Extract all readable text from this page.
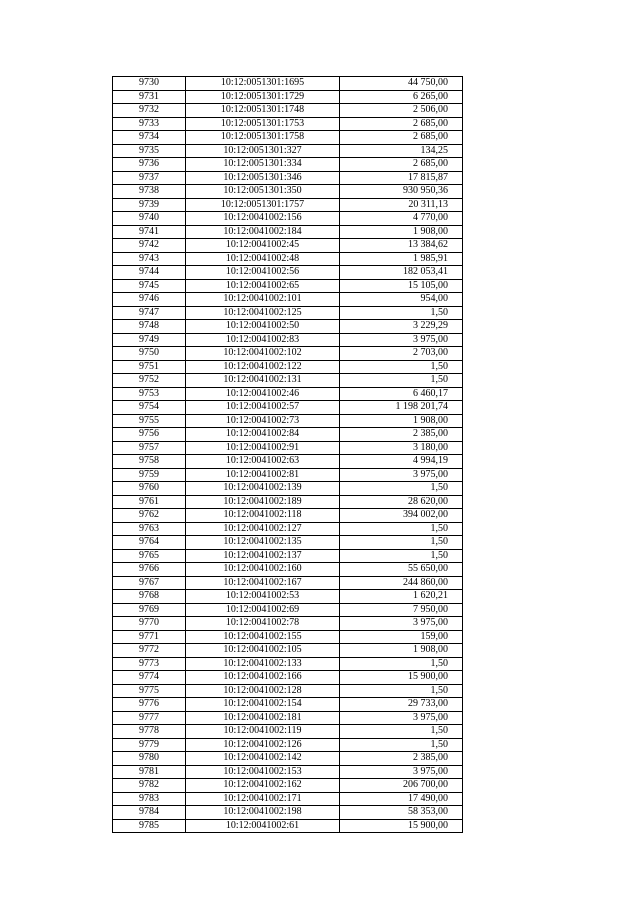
9730	10:12:0051301:1695	44 750,00
9731	10:12:0051301:1729	6 265,00
9732	10:12:0051301:1748	2 506,00
9733	10:12:0051301:1753	2 685,00
9734	10:12:0051301:1758	2 685,00
9735	10:12:0051301:327	134,25
9736	10:12:0051301:334	2 685,00
9737	10:12:0051301:346	17 815,87
9738	10:12:0051301:350	930 950,36
9739	10:12:0051301:1757	20 311,13
9740	10:12:0041002:156	4 770,00
9741	10:12:0041002:184	1 908,00
9742	10:12:0041002:45	13 384,62
9743	10:12:0041002:48	1 985,91
9744	10:12:0041002:56	182 053,41
9745	10:12:0041002:65	15 105,00
9746	10:12:0041002:101	954,00
9747	10:12:0041002:125	1,50
9748	10:12:0041002:50	3 229,29
9749	10:12:0041002:83	3 975,00
9750	10:12:0041002:102	2 703,00
9751	10:12:0041002:122	1,50
9752	10:12:0041002:131	1,50
9753	10:12:0041002:46	6 460,17
9754	10:12:0041002:57	1 198 201,74
9755	10:12:0041002:73	1 908,00
9756	10:12:0041002:84	2 385,00
9757	10:12:0041002:91	3 180,00
9758	10:12:0041002:63	4 994,19
9759	10:12:0041002:81	3 975,00
9760	10:12:0041002:139	1,50
9761	10:12:0041002:189	28 620,00
9762	10:12:0041002:118	394 002,00
9763	10:12:0041002:127	1,50
9764	10:12:0041002:135	1,50
9765	10:12:0041002:137	1,50
9766	10:12:0041002:160	55 650,00
9767	10:12:0041002:167	244 860,00
9768	10:12:0041002:53	1 620,21
9769	10:12:0041002:69	7 950,00
9770	10:12:0041002:78	3 975,00
9771	10:12:0041002:155	159,00
9772	10:12:0041002:105	1 908,00
9773	10:12:0041002:133	1,50
9774	10:12:0041002:166	15 900,00
9775	10:12:0041002:128	1,50
9776	10:12:0041002:154	29 733,00
9777	10:12:0041002:181	3 975,00
9778	10:12:0041002:119	1,50
9779	10:12:0041002:126	1,50
9780	10:12:0041002:142	2 385,00
9781	10:12:0041002:153	3 975,00
9782	10:12:0041002:162	206 700,00
9783	10:12:0041002:171	17 490,00
9784	10:12:0041002:198	58 353,00
9785	10:12:0041002:61	15 900,00
